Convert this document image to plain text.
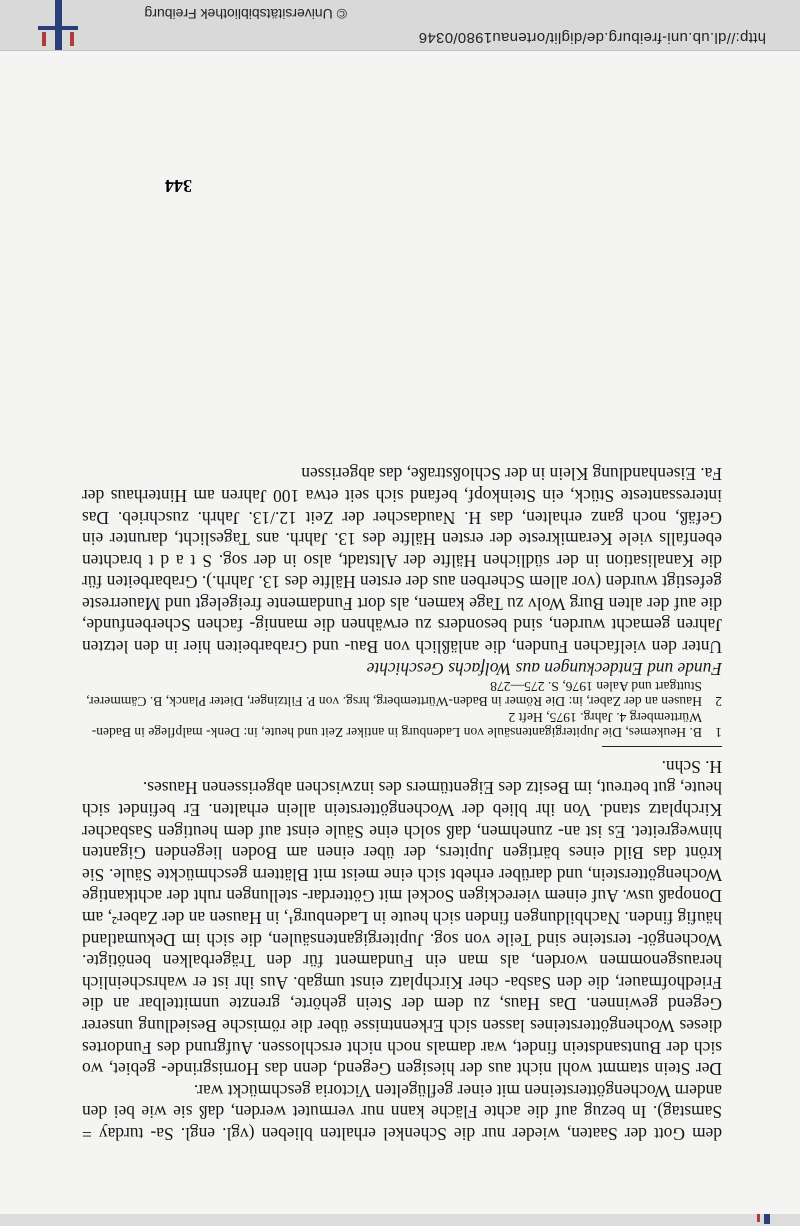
dem Gott der Saaten, wieder nur die Schenkel erhalten blieben (vgl. engl. Sa- turday = Samstag). In bezug auf die achte Fläche kann nur vermutet werden, daß sie wie bei den andern Wochengöttersteinen mit einer geflügelten Victoria geschmückt war.

Der Stein stammt wohl nicht aus der hiesigen Gegend, denn das Hornisgrinde- gebiet, wo sich der Buntsandstein findet, war damals noch nicht erschlossen. Aufgrund des Fundortes dieses Wochengöttersteines lassen sich Erkenntnisse über die römische Besiedlung unserer Gegend gewinnen. Das Haus, zu dem der Stein gehörte, grenzte unmittelbar an die Friedhofmauer, die den Sasba- cher Kirchplatz einst umgab. Aus ihr ist er wahrscheinlich herausgenommen worden, als man ein Fundament für den Trägerbalken benötigte. Wochengöt- tersteine sind Teile von sog. Jupitergigantensäulen, die sich im Dekumatland häufig finden. Nachbildungen finden sich heute in Ladenburg¹, in Hausen an der Zaber², am Donopaß usw. Auf einem viereckigen Sockel mit Götterdar- stellungen ruht der achtkantige Wochengötterstein, und darüber erhebt sich eine meist mit Blättern geschmückte Säule. Sie krönt das Bild eines bärtigen Jupiters, der über einen am Boden liegenden Giganten hinwegreitet. Es ist an- zunehmen, daß solch eine Säule einst auf dem heutigen Sasbacher Kirchplatz stand. Von ihr blieb der Wochengötterstein allein erhalten. Er befindet sich heute, gut betreut, im Besitz des Eigentümers des inzwischen abgerissenen Hauses.

H. Schn.

1
B. Heukemes, Die Jupitergigantensäule von Ladenburg in antiker Zeit und heute, in: Denk- malpflege in Baden-Württemberg 4. Jahrg. 1975, Heft 2
2
Hausen an der Zaber, in: Die Römer in Baden-Württemberg, hrsg. von P. Filtzinger, Dieter Planck, B. Cämmerer, Stuttgart und Aalen 1976, S. 275—278

Funde und Entdeckungen aus Wolfachs Geschichte

Unter den vielfachen Funden, die anläßlich von Bau- und Grabarbeiten hier in den letzten Jahren gemacht wurden, sind besonders zu erwähnen die mannig- fachen Scherbenfunde, die auf der alten Burg Wolv zu Tage kamen, als dort Fundamente freigelegt und Mauerreste gefestigt wurden (vor allem Scherben aus der ersten Hälfte des 13. Jahrh.). Grabarbeiten für die Kanalisation in der südlichen Hälfte der Altstadt, also in der sog. S t a d t brachten ebenfalls viele Keramikreste der ersten Hälfte des 13. Jahrh. ans Tageslicht, darunter ein Gefäß, noch ganz erhalten, das H. Naudascher der Zeit 12./13. Jahrh. zuschrieb. Das interessanteste Stück, ein Steinkopf, befand sich seit etwa 100 Jahren am Hinterhaus der Fa. Eisenhandlung Klein in der Schloßstraße, das abgerissen

344
http://dl.ub.uni-freiburg.de/diglit/ortenau1980/0346
© Universitätsbibliothek Freiburg
